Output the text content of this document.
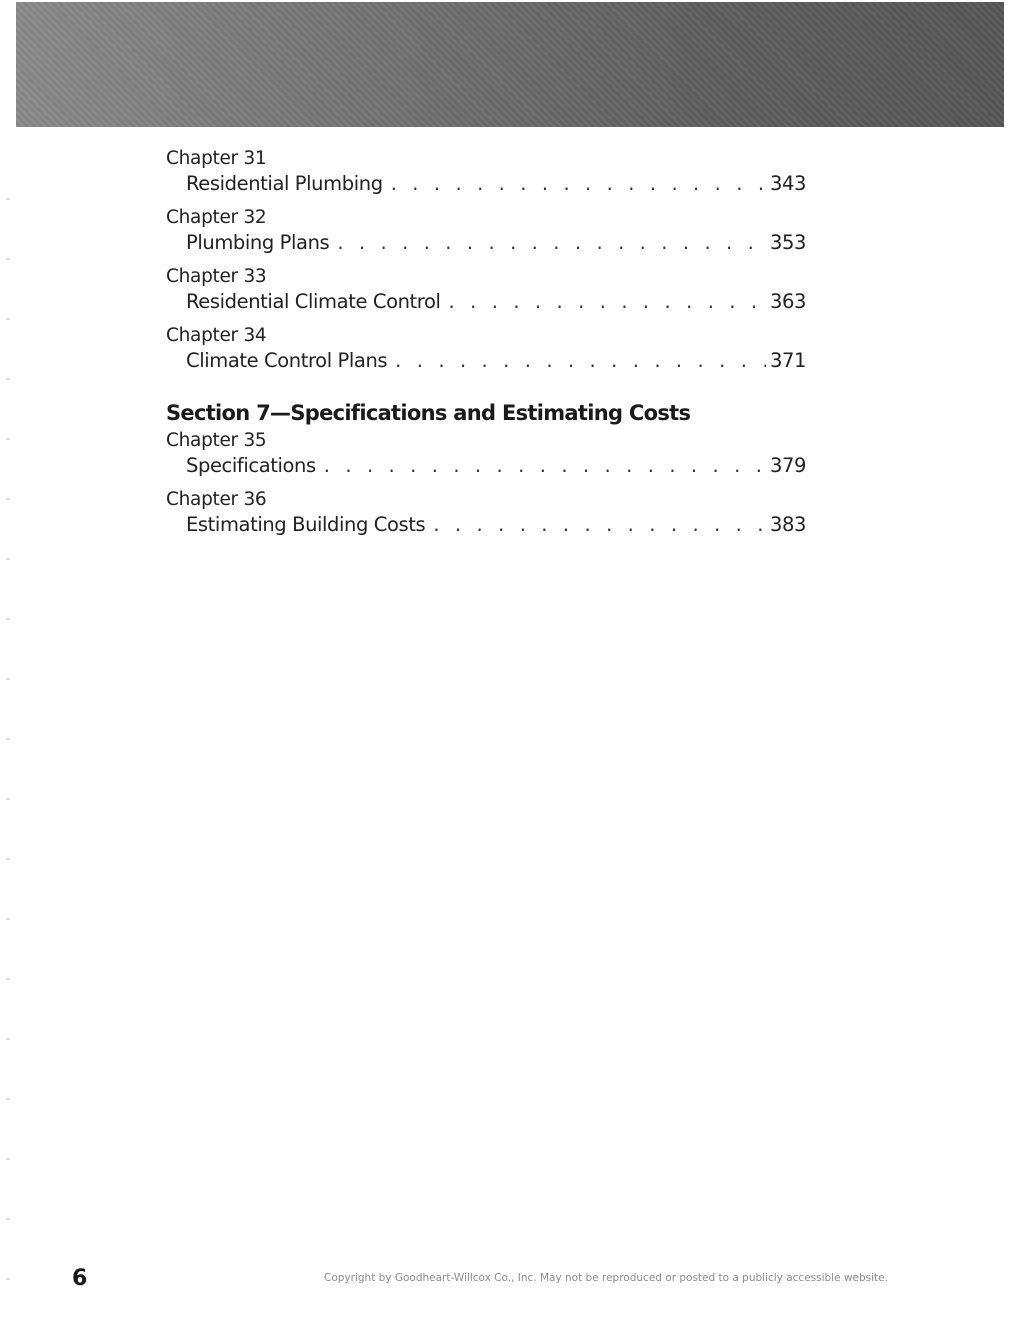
Chapter 31
Residential Plumbing . . .	343
Chapter 32
Plumbing Plans . . .	353
Chapter 33
Residential Climate Control . . .	363
Chapter 34
Climate Control Plans . . .	371
Section 7—Specifications and Estimating Costs
Chapter 35
Specifications . . .	379
Chapter 36
Estimating Building Costs . . .	383
6	Copyright by Goodheart-Willcox Co., Inc. May not be reproduced or posted to a publicly accessible website.
